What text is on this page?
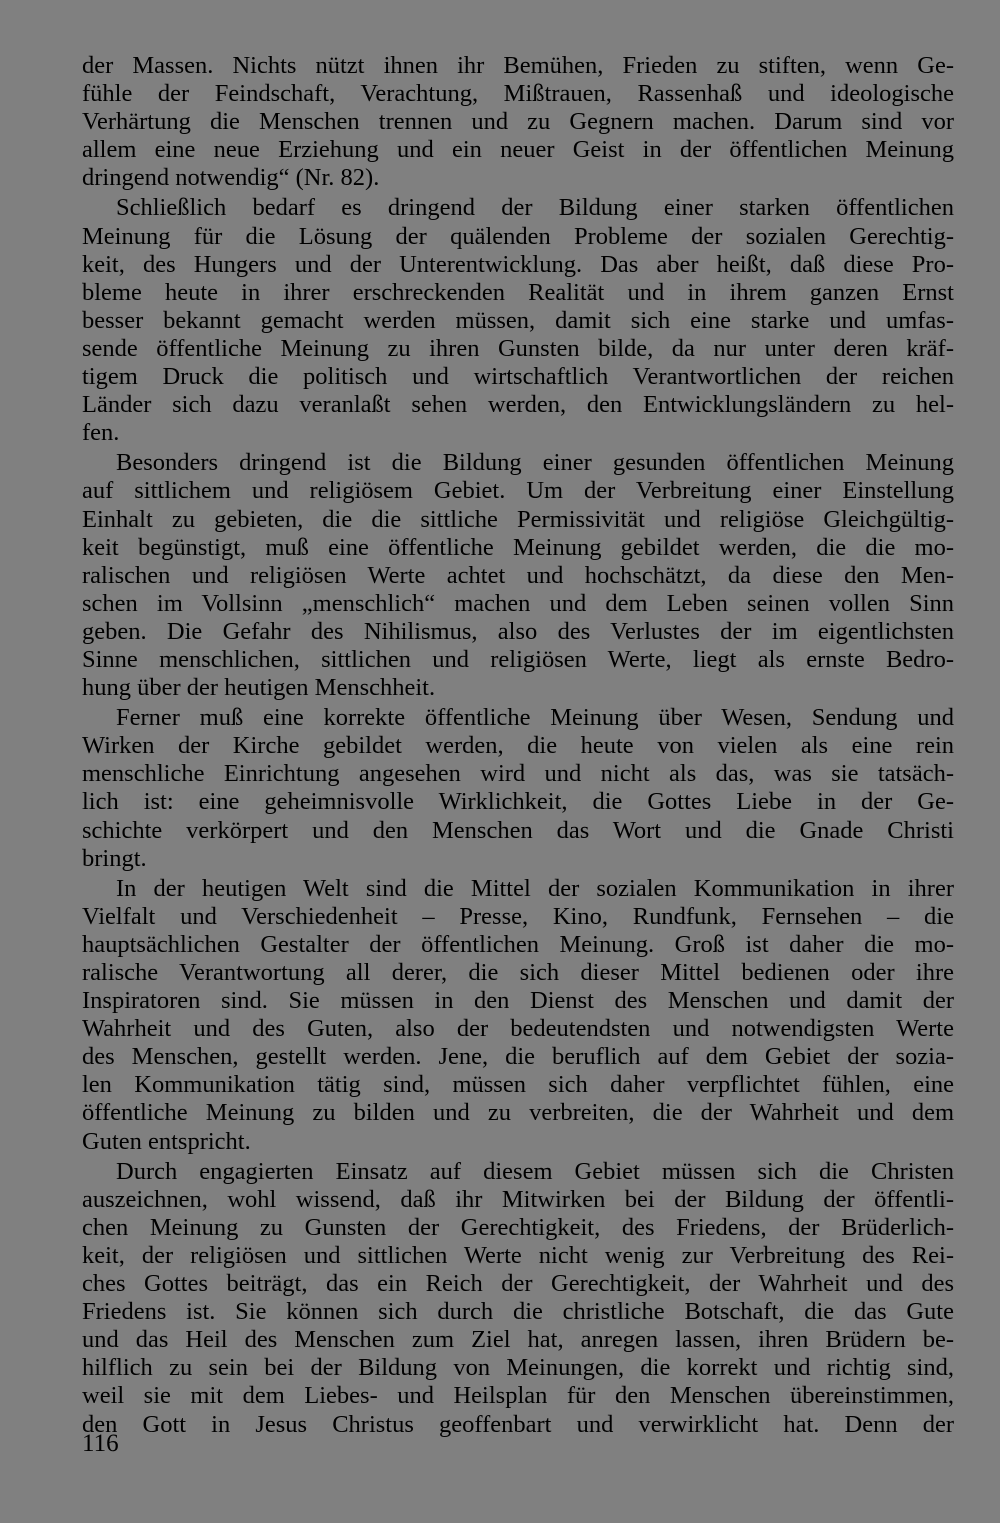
der Massen. Nichts nützt ihnen ihr Bemühen, Frieden zu stiften, wenn Ge-
fühle der Feindschaft, Verachtung, Mißtrauen, Rassenhaß und ideologische
Verhärtung die Menschen trennen und zu Gegnern machen. Darum sind vor
allem eine neue Erziehung und ein neuer Geist in der öffentlichen Meinung
dringend notwendig“ (Nr. 82).
Schließlich bedarf es dringend der Bildung einer starken öffentlichen
Meinung für die Lösung der quälenden Probleme der sozialen Gerechtig-
keit, des Hungers und der Unterentwicklung. Das aber heißt, daß diese Pro-
bleme heute in ihrer erschreckenden Realität und in ihrem ganzen Ernst
besser bekannt gemacht werden müssen, damit sich eine starke und umfas-
sende öffentliche Meinung zu ihren Gunsten bilde, da nur unter deren kräf-
tigem Druck die politisch und wirtschaftlich Verantwortlichen der reichen
Länder sich dazu veranlaßt sehen werden, den Entwicklungsländern zu hel-
fen.
Besonders dringend ist die Bildung einer gesunden öffentlichen Meinung
auf sittlichem und religiösem Gebiet. Um der Verbreitung einer Einstellung
Einhalt zu gebieten, die die sittliche Permissivität und religiöse Gleichgültig-
keit begünstigt, muß eine öffentliche Meinung gebildet werden, die die mo-
ralischen und religiösen Werte achtet und hochschätzt, da diese den Men-
schen im Vollsinn „menschlich“ machen und dem Leben seinen vollen Sinn
geben. Die Gefahr des Nihilismus, also des Verlustes der im eigentlichsten
Sinne menschlichen, sittlichen und religiösen Werte, liegt als ernste Bedro-
hung über der heutigen Menschheit.
Ferner muß eine korrekte öffentliche Meinung über Wesen, Sendung und
Wirken der Kirche gebildet werden, die heute von vielen als eine rein
menschliche Einrichtung angesehen wird und nicht als das, was sie tatsäch-
lich ist: eine geheimnisvolle Wirklichkeit, die Gottes Liebe in der Ge-
schichte verkörpert und den Menschen das Wort und die Gnade Christi
bringt.
In der heutigen Welt sind die Mittel der sozialen Kommunikation in ihrer
Vielfalt und Verschiedenheit – Presse, Kino, Rundfunk, Fernsehen – die
hauptsächlichen Gestalter der öffentlichen Meinung. Groß ist daher die mo-
ralische Verantwortung all derer, die sich dieser Mittel bedienen oder ihre
Inspiratoren sind. Sie müssen in den Dienst des Menschen und damit der
Wahrheit und des Guten, also der bedeutendsten und notwendigsten Werte
des Menschen, gestellt werden. Jene, die beruflich auf dem Gebiet der sozia-
len Kommunikation tätig sind, müssen sich daher verpflichtet fühlen, eine
öffentliche Meinung zu bilden und zu verbreiten, die der Wahrheit und dem
Guten entspricht.
Durch engagierten Einsatz auf diesem Gebiet müssen sich die Christen
auszeichnen, wohl wissend, daß ihr Mitwirken bei der Bildung der öffentli-
chen Meinung zu Gunsten der Gerechtigkeit, des Friedens, der Brüderlich-
keit, der religiösen und sittlichen Werte nicht wenig zur Verbreitung des Rei-
ches Gottes beiträgt, das ein Reich der Gerechtigkeit, der Wahrheit und des
Friedens ist. Sie können sich durch die christliche Botschaft, die das Gute
und das Heil des Menschen zum Ziel hat, anregen lassen, ihren Brüdern be-
hilflich zu sein bei der Bildung von Meinungen, die korrekt und richtig sind,
weil sie mit dem Liebes- und Heilsplan für den Menschen übereinstimmen,
den Gott in Jesus Christus geoffenbart und verwirklicht hat. Denn der
116
